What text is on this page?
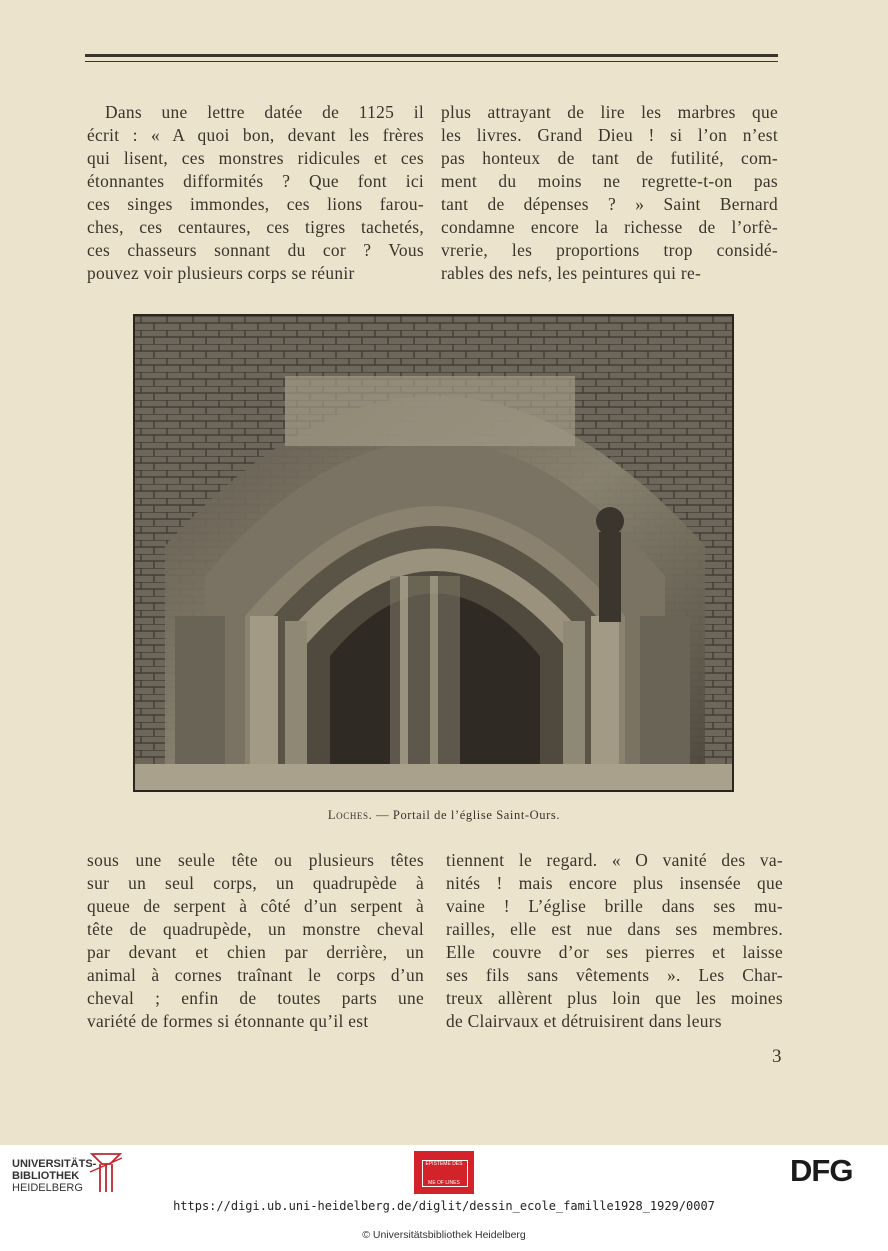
Dans une lettre datée de 1125 il
écrit : « A quoi bon, devant les frères
qui lisent, ces monstres ridicules et ces
étonnantes difformités ? Que font ici
ces singes immondes, ces lions farou-
ches, ces centaures, ces tigres tachetés,
ces chasseurs sonnant du cor ? Vous
pouvez voir plusieurs corps se réunir
plus attrayant de lire les marbres que
les livres. Grand Dieu ! si l’on n’est
pas honteux de tant de futilité, com-
ment du moins ne regrette-t-on pas
tant de dépenses ? » Saint Bernard
condamne encore la richesse de l’orfè-
vrerie, les proportions trop considé-
rables des nefs, les peintures qui re-
Loches. — Portail de l’église Saint-Ours.
sous une seule tête ou plusieurs têtes
sur un seul corps, un quadrupède à
queue de serpent à côté d’un serpent à
tête de quadrupède, un monstre cheval
par devant et chien par derrière, un
animal à cornes traînant le corps d’un
cheval ; enfin de toutes parts une
variété de formes si étonnante qu’il est
tiennent le regard. « O vanité des va-
nités ! mais encore plus insensée que
vaine ! L’église brille dans ses mu-
railles, elle est nue dans ses membres.
Elle couvre d’or ses pierres et laisse
ses fils sans vêtements ». Les Char-
treux allèrent plus loin que les moines
de Clairvaux et détruisirent dans leurs
3
UNIVERSITÄTS-
BIBLIOTHEK
HEIDELBERG
EPISTEME DES
ME OF LINES	DFG
https://digi.ub.uni-heidelberg.de/diglit/dessin_ecole_famille1928_1929/0007
© Universitätsbibliothek Heidelberg
